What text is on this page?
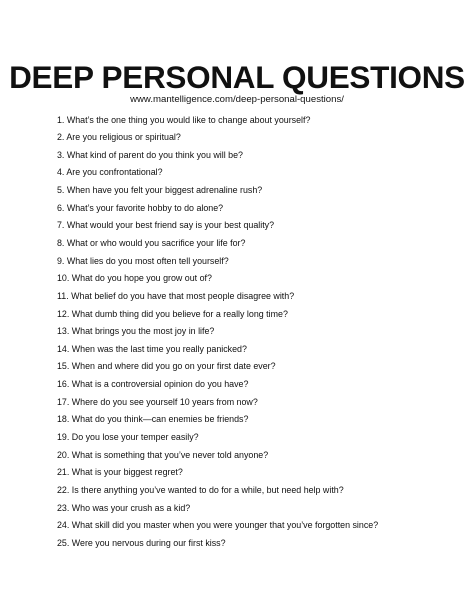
DEEP PERSONAL QUESTIONS
www.mantelligence.com/deep-personal-questions/
1. What’s the one thing you would like to change about yourself?
2. Are you religious or spiritual?
3. What kind of parent do you think you will be?
4. Are you confrontational?
5. When have you felt your biggest adrenaline rush?
6. What’s your favorite hobby to do alone?
7. What would your best friend say is your best quality?
8. What or who would you sacrifice your life for?
9. What lies do you most often tell yourself?
10. What do you hope you grow out of?
11. What belief do you have that most people disagree with?
12. What dumb thing did you believe for a really long time?
13. What brings you the most joy in life?
14. When was the last time you really panicked?
15. When and where did you go on your first date ever?
16. What is a controversial opinion do you have?
17. Where do you see yourself 10 years from now?
18. What do you think—can enemies be friends?
19. Do you lose your temper easily?
20. What is something that you’ve never told anyone?
21. What is your biggest regret?
22. Is there anything you’ve wanted to do for a while, but need help with?
23. Who was your crush as a kid?
24. What skill did you master when you were younger that you’ve forgotten since?
25. Were you nervous during our first kiss?
